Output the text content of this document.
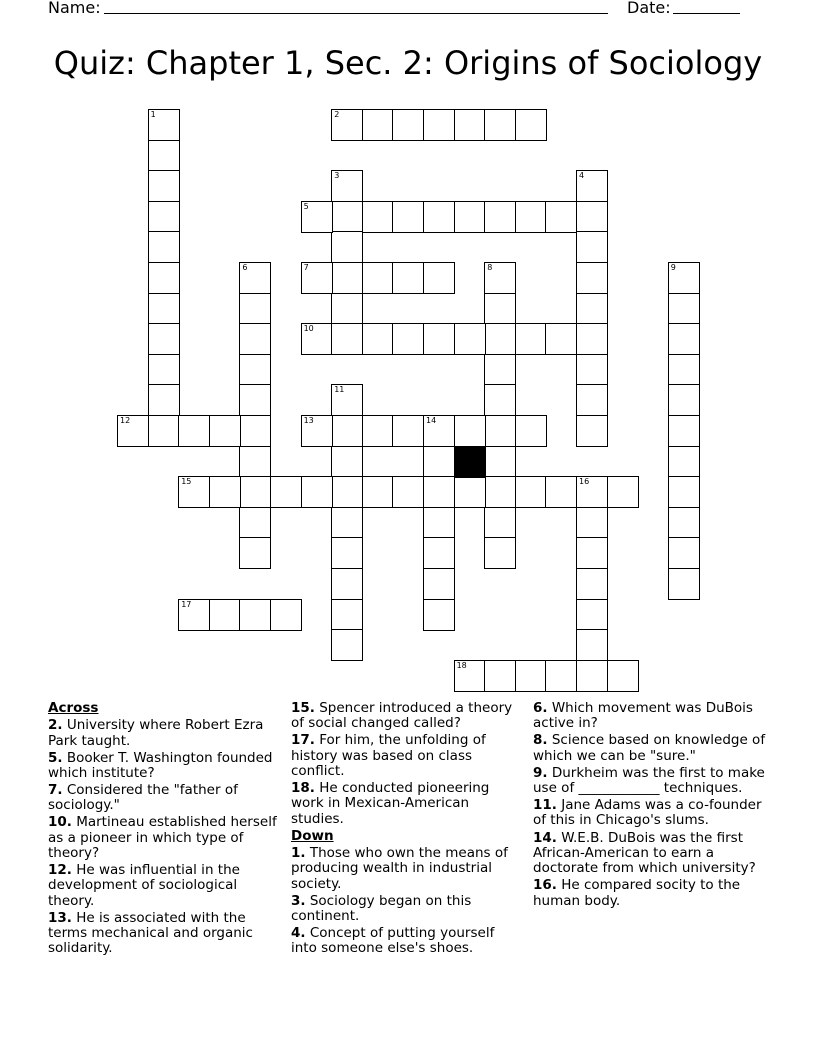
Name:	Date:
Quiz: Chapter 1, Sec. 2: Origins of Sociology
1	2
3	4
5
6	7	8	9
10
11
12	13	14
15	16
17
18
Across
2. University where Robert Ezra Park taught.
5. Booker T. Washington founded which institute?
7. Considered the "father of sociology."
10. Martineau established herself as a pioneer in which type of theory?
12. He was influential in the development of sociological theory.
13. He is associated with the terms mechanical and organic solidarity.
15. Spencer introduced a theory of social changed called?
17. For him, the unfolding of history was based on class conflict.
18. He conducted pioneering work in Mexican-American studies.
Down
1. Those who own the means of producing wealth in industrial society.
3. Sociology began on this continent.
4. Concept of putting yourself into someone else's shoes.
6. Which movement was DuBois active in?
8. Science based on knowledge of which we can be "sure."
9. Durkheim was the first to make use of ____________ techniques.
11. Jane Adams was a co-founder of this in Chicago's slums.
14. W.E.B. DuBois was the first African-American to earn a doctorate from which university?
16. He compared socity to the human body.
